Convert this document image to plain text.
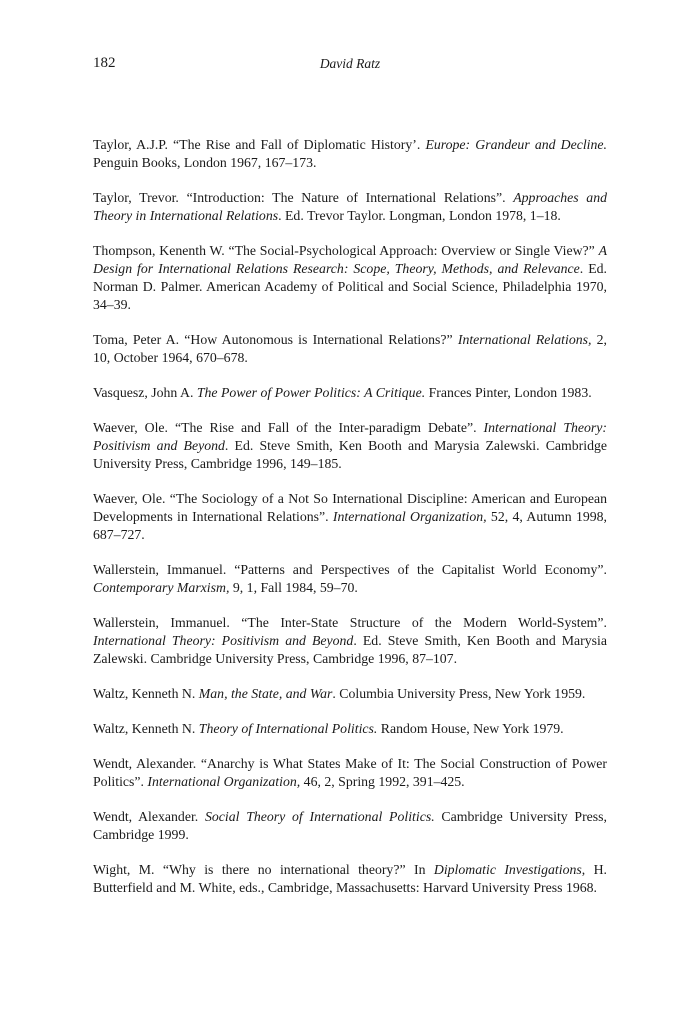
182	David Ratz
Taylor, A.J.P. “The Rise and Fall of Diplomatic History’. Europe: Grandeur and Decline. Penguin Books, London 1967, 167–173.
Taylor, Trevor. “Introduction: The Nature of International Relations”. Approaches and Theory in International Relations. Ed. Trevor Taylor. Longman, London 1978, 1–18.
Thompson, Kenenth W. “The Social-Psychological Approach: Overview or Single View?” A Design for International Relations Research: Scope, Theory, Methods, and Relevance. Ed. Norman D. Palmer. American Academy of Political and Social Science, Philadelphia 1970, 34–39.
Toma, Peter A. “How Autonomous is International Relations?” International Relations, 2, 10, October 1964, 670–678.
Vasquesz, John A. The Power of Power Politics: A Critique. Frances Pinter, London 1983.
Waever, Ole. “The Rise and Fall of the Inter-paradigm Debate”. International Theory: Positivism and Beyond. Ed. Steve Smith, Ken Booth and Marysia Zalewski. Cambridge University Press, Cambridge 1996, 149–185.
Waever, Ole. “The Sociology of a Not So International Discipline: American and European Developments in International Relations”. International Organization, 52, 4, Autumn 1998, 687–727.
Wallerstein, Immanuel. “Patterns and Perspectives of the Capitalist World Economy”. Contemporary Marxism, 9, 1, Fall 1984, 59–70.
Wallerstein, Immanuel. “The Inter-State Structure of the Modern World-System”. International Theory: Positivism and Beyond. Ed. Steve Smith, Ken Booth and Marysia Zalewski. Cambridge University Press, Cambridge 1996, 87–107.
Waltz, Kenneth N. Man, the State, and War. Columbia University Press, New York 1959.
Waltz, Kenneth N. Theory of International Politics. Random House, New York 1979.
Wendt, Alexander. “Anarchy is What States Make of It: The Social Construction of Power Politics”. International Organization, 46, 2, Spring 1992, 391–425.
Wendt, Alexander. Social Theory of International Politics. Cambridge University Press, Cambridge 1999.
Wight, M. “Why is there no international theory?” In Diplomatic Investigations, H. Butterfield and M. White, eds., Cambridge, Massachusetts: Harvard University Press 1968.
